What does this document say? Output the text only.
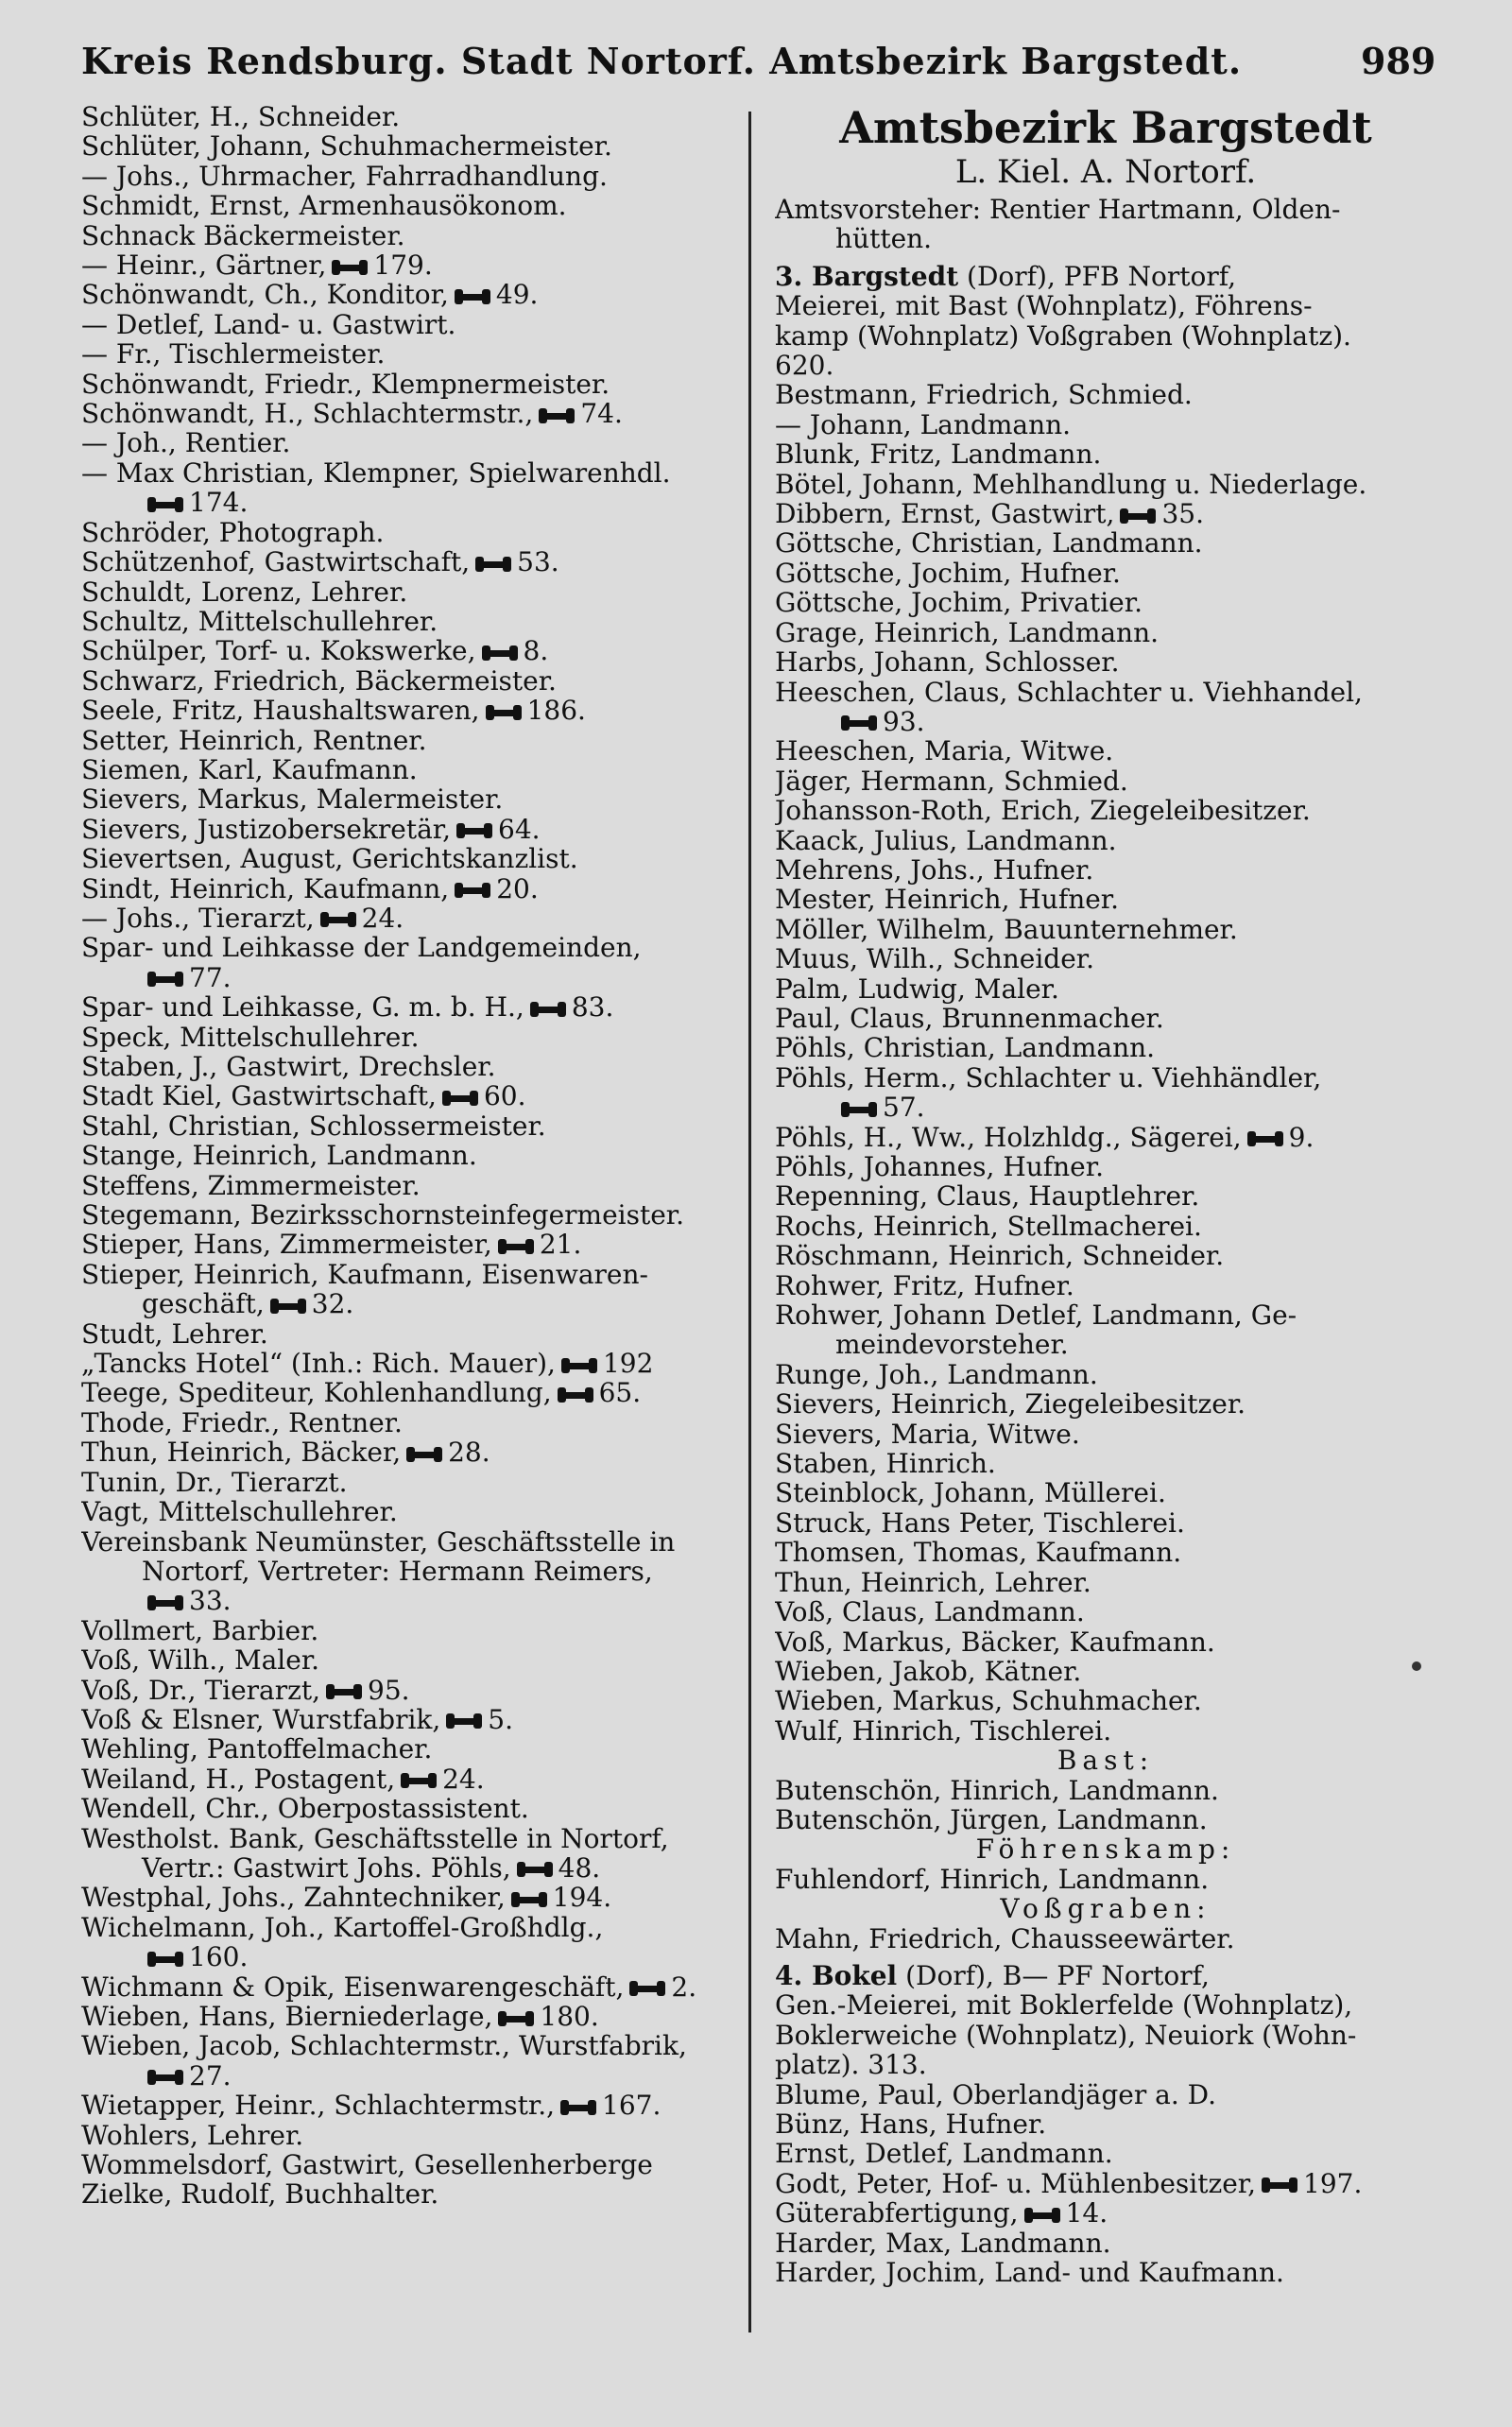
Kreis Rendsburg. Stadt Nortorf. Amtsbezirk Bargstedt.	989

Schlüter, H., Schneider.

Schlüter, Johann, Schuhmachermeister.

— Johs., Uhrmacher, Fahrradhandlung.

Schmidt, Ernst, Armenhausökonom.

Schnack Bäckermeister.

— Heinr., Gärtner, 179.

Schönwandt, Ch., Konditor, 49.

— Detlef, Land- u. Gastwirt.

— Fr., Tischlermeister.

Schönwandt, Friedr., Klempnermeister.

Schönwandt, H., Schlachtermstr., 74.

— Joh., Rentier.

— Max Christian, Klempner, Spielwarenhdl.

174.

Schröder, Photograph.

Schützenhof, Gastwirtschaft, 53.

Schuldt, Lorenz, Lehrer.

Schultz, Mittelschullehrer.

Schülper, Torf- u. Kokswerke, 8.

Schwarz, Friedrich, Bäckermeister.

Seele, Fritz, Haushaltswaren, 186.

Setter, Heinrich, Rentner.

Siemen, Karl, Kaufmann.

Sievers, Markus, Malermeister.

Sievers, Justizobersekretär, 64.

Sievertsen, August, Gerichtskanzlist.

Sindt, Heinrich, Kaufmann, 20.

— Johs., Tierarzt, 24.

Spar- und Leihkasse der Landgemeinden,

77.

Spar- und Leihkasse, G. m. b. H., 83.

Speck, Mittelschullehrer.

Staben, J., Gastwirt, Drechsler.

Stadt Kiel, Gastwirtschaft, 60.

Stahl, Christian, Schlossermeister.

Stange, Heinrich, Landmann.

Steffens, Zimmermeister.

Stegemann, Bezirksschornsteinfegermeister.

Stieper, Hans, Zimmermeister, 21.

Stieper, Heinrich, Kaufmann, Eisenwaren-

geschäft, 32.

Studt, Lehrer.

„Tancks Hotel“ (Inh.: Rich. Mauer), 192

Teege, Spediteur, Kohlenhandlung, 65.

Thode, Friedr., Rentner.

Thun, Heinrich, Bäcker, 28.

Tunin, Dr., Tierarzt.

Vagt, Mittelschullehrer.

Vereinsbank Neumünster, Geschäftsstelle in

Nortorf, Vertreter: Hermann Reimers,

33.

Vollmert, Barbier.

Voß, Wilh., Maler.

Voß, Dr., Tierarzt, 95.

Voß & Elsner, Wurstfabrik, 5.

Wehling, Pantoffelmacher.

Weiland, H., Postagent, 24.

Wendell, Chr., Oberpostassistent.

Westholst. Bank, Geschäftsstelle in Nortorf,

Vertr.: Gastwirt Johs. Pöhls, 48.

Westphal, Johs., Zahntechniker, 194.

Wichelmann, Joh., Kartoffel-Großhdlg.,

160.

Wichmann & Opik, Eisenwarengeschäft, 2.

Wieben, Hans, Bierniederlage, 180.

Wieben, Jacob, Schlachtermstr., Wurstfabrik,

27.

Wietapper, Heinr., Schlachtermstr., 167.

Wohlers, Lehrer.

Wommelsdorf, Gastwirt, Gesellenherberge

Zielke, Rudolf, Buchhalter.

Amtsbezirk Bargstedt

L. Kiel. A. Nortorf.

Amtsvorsteher: Rentier Hartmann, Olden-

hütten.

3. Bargstedt (Dorf), PFB Nortorf,

Meierei, mit Bast (Wohnplatz), Föhrens-

kamp (Wohnplatz) Voßgraben (Wohnplatz).

620.

Bestmann, Friedrich, Schmied.

— Johann, Landmann.

Blunk, Fritz, Landmann.

Bötel, Johann, Mehlhandlung u. Niederlage.

Dibbern, Ernst, Gastwirt, 35.

Göttsche, Christian, Landmann.

Göttsche, Jochim, Hufner.

Göttsche, Jochim, Privatier.

Grage, Heinrich, Landmann.

Harbs, Johann, Schlosser.

Heeschen, Claus, Schlachter u. Viehhandel,

93.

Heeschen, Maria, Witwe.

Jäger, Hermann, Schmied.

Johansson-Roth, Erich, Ziegeleibesitzer.

Kaack, Julius, Landmann.

Mehrens, Johs., Hufner.

Mester, Heinrich, Hufner.

Möller, Wilhelm, Bauunternehmer.

Muus, Wilh., Schneider.

Palm, Ludwig, Maler.

Paul, Claus, Brunnenmacher.

Pöhls, Christian, Landmann.

Pöhls, Herm., Schlachter u. Viehhändler,

57.

Pöhls, H., Ww., Holzhldg., Sägerei, 9.

Pöhls, Johannes, Hufner.

Repenning, Claus, Hauptlehrer.

Rochs, Heinrich, Stellmacherei.

Röschmann, Heinrich, Schneider.

Rohwer, Fritz, Hufner.

Rohwer, Johann Detlef, Landmann, Ge-

meindevorsteher.

Runge, Joh., Landmann.

Sievers, Heinrich, Ziegeleibesitzer.

Sievers, Maria, Witwe.

Staben, Hinrich.

Steinblock, Johann, Müllerei.

Struck, Hans Peter, Tischlerei.

Thomsen, Thomas, Kaufmann.

Thun, Heinrich, Lehrer.

Voß, Claus, Landmann.

Voß, Markus, Bäcker, Kaufmann.

Wieben, Jakob, Kätner.

Wieben, Markus, Schuhmacher.

Wulf, Hinrich, Tischlerei.

Bast:

Butenschön, Hinrich, Landmann.

Butenschön, Jürgen, Landmann.

Föhrenskamp:

Fuhlendorf, Hinrich, Landmann.

Voßgraben:

Mahn, Friedrich, Chausseewärter.

4. Bokel (Dorf), B— PF Nortorf,

Gen.-Meierei, mit Boklerfelde (Wohnplatz),

Boklerweiche (Wohnplatz), Neuiork (Wohn-

platz). 313.

Blume, Paul, Oberlandjäger a. D.

Bünz, Hans, Hufner.

Ernst, Detlef, Landmann.

Godt, Peter, Hof- u. Mühlenbesitzer, 197.

Güterabfertigung, 14.

Harder, Max, Landmann.

Harder, Jochim, Land- und Kaufmann.
